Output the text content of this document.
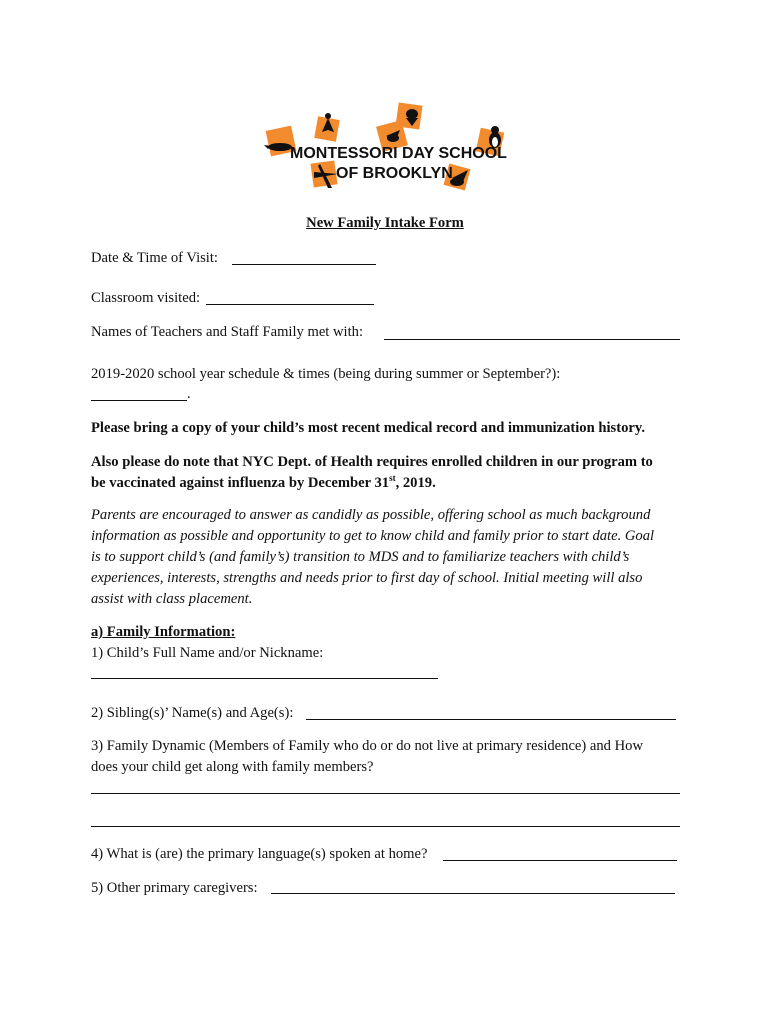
MONTESSORI DAY SCHOOL
OF BROOKLYN
New Family Intake Form
Date & Time of Visit:
Classroom visited:
Names of Teachers and Staff Family met with:
2019-2020 school year schedule & times (being during summer or September?):
.
Please bring a copy of your child’s most recent medical record and immunization history.
Also please do note that NYC Dept. of Health requires enrolled children in our program to
be vaccinated against influenza by December 31st, 2019.
Parents are encouraged to answer as candidly as possible, offering school as much background
information as possible and opportunity to get to know child and family prior to start date. Goal
is to support child’s (and family’s) transition to MDS and to familiarize teachers with child’s
experiences, interests, strengths and needs prior to first day of school. Initial meeting will also
assist with class placement.
a) Family Information:
1) Child’s Full Name and/or Nickname:
2) Sibling(s)’ Name(s) and Age(s):
3) Family Dynamic (Members of Family who do or do not live at primary residence) and How
does your child get along with family members?
4) What is (are) the primary language(s) spoken at home?
5) Other primary caregivers:
